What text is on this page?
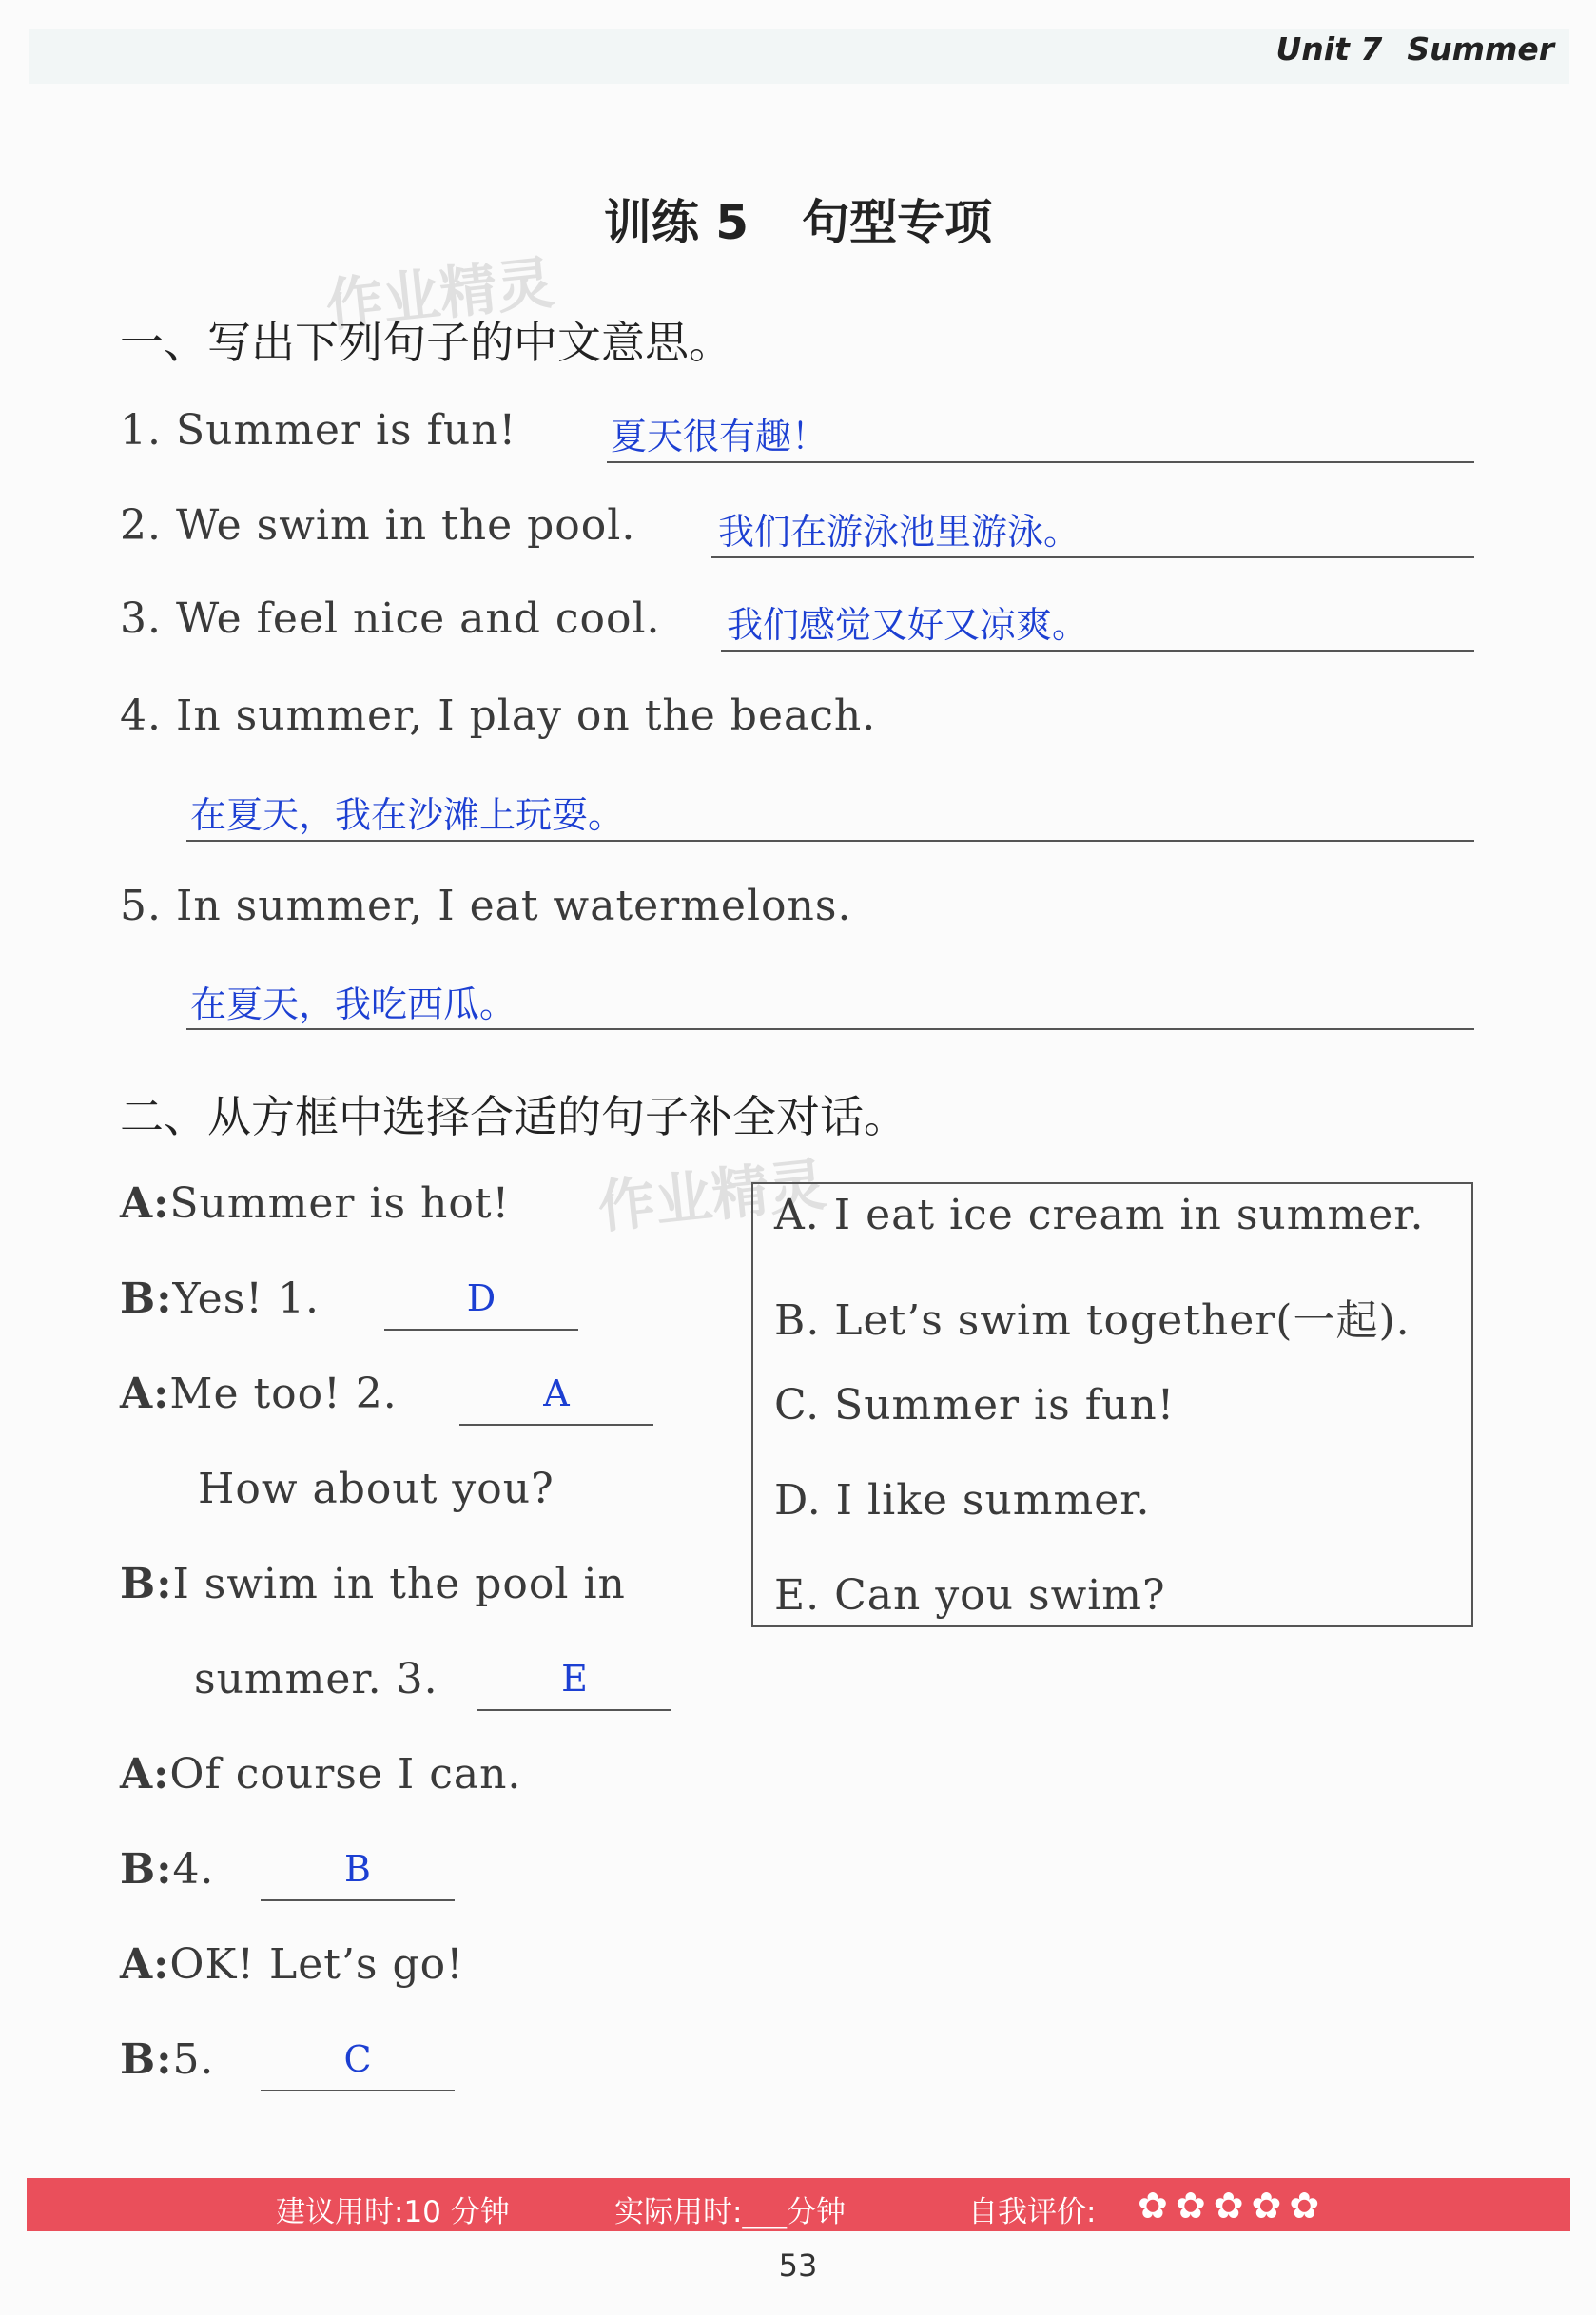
Unit 7 Summer
训练 5 句型专项
作业精灵
作业精灵
一、写出下列句子的中文意思。
1. Summer is fun!	夏天很有趣！
2. We swim in the pool. 我们在游泳池里游泳。
3. We feel nice and cool. 我们感觉又好又凉爽。
4. In summer, I play on the beach.
在夏天，我在沙滩上玩耍。
5. In summer, I eat watermelons.
在夏天，我吃西瓜。
二、从方框中选择合适的句子补全对话。
A:Summer is hot!
B:Yes! 1.	D
A:Me too! 2.	A
How about you?
B:I swim in the pool in
summer. 3.	E
A:Of course I can.
B:4.	B
A:OK! Let’s go!
B:5.	C
A. I eat ice cream in summer.
B. Let’s swim together(一起).
C. Summer is fun!
D. I like summer.
E. Can you swim?
建议用时:10 分钟	实际用时:___分钟	自我评价: ✿ ✿ ✿ ✿ ✿
53
